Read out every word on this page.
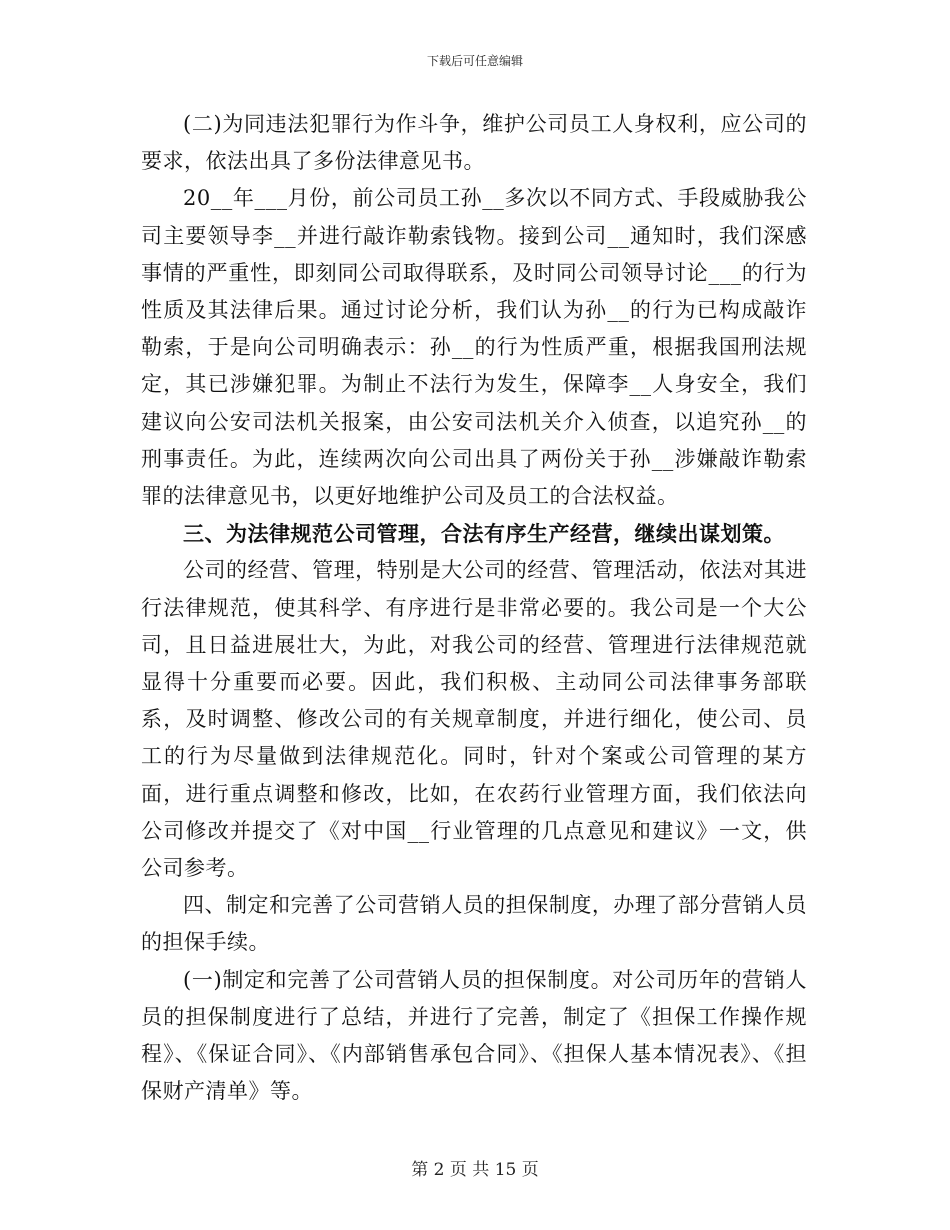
下载后可任意编辑

(二)为同违法犯罪行为作斗争，维护公司员工人身权利，应公司的要求，依法出具了多份法律意见书。

20__年___月份，前公司员工孙__多次以不同方式、手段威胁我公司主要领导李__并进行敲诈勒索钱物。接到公司__通知时，我们深感事情的严重性，即刻同公司取得联系，及时同公司领导讨论___的行为性质及其法律后果。通过讨论分析，我们认为孙__的行为已构成敲诈勒索，于是向公司明确表示：孙__的行为性质严重，根据我国刑法规定，其已涉嫌犯罪。为制止不法行为发生，保障李__人身安全，我们建议向公安司法机关报案，由公安司法机关介入侦查，以追究孙__的刑事责任。为此，连续两次向公司出具了两份关于孙__涉嫌敲诈勒索罪的法律意见书，以更好地维护公司及员工的合法权益。

三、为法律规范公司管理，合法有序生产经营，继续出谋划策。

公司的经营、管理，特别是大公司的经营、管理活动，依法对其进行法律规范，使其科学、有序进行是非常必要的。我公司是一个大公司，且日益进展壮大，为此，对我公司的经营、管理进行法律规范就显得十分重要而必要。因此，我们积极、主动同公司法律事务部联系，及时调整、修改公司的有关规章制度，并进行细化，使公司、员工的行为尽量做到法律规范化。同时，针对个案或公司管理的某方面，进行重点调整和修改，比如，在农药行业管理方面，我们依法向公司修改并提交了《对中国__行业管理的几点意见和建议》一文，供公司参考。

四、制定和完善了公司营销人员的担保制度，办理了部分营销人员的担保手续。

(一)制定和完善了公司营销人员的担保制度。对公司历年的营销人员的担保制度进行了总结，并进行了完善，制定了《担保工作操作规程》、《保证合同》、《内部销售承包合同》、《担保人基本情况表》、《担保财产清单》等。

第 2 页 共 15 页
